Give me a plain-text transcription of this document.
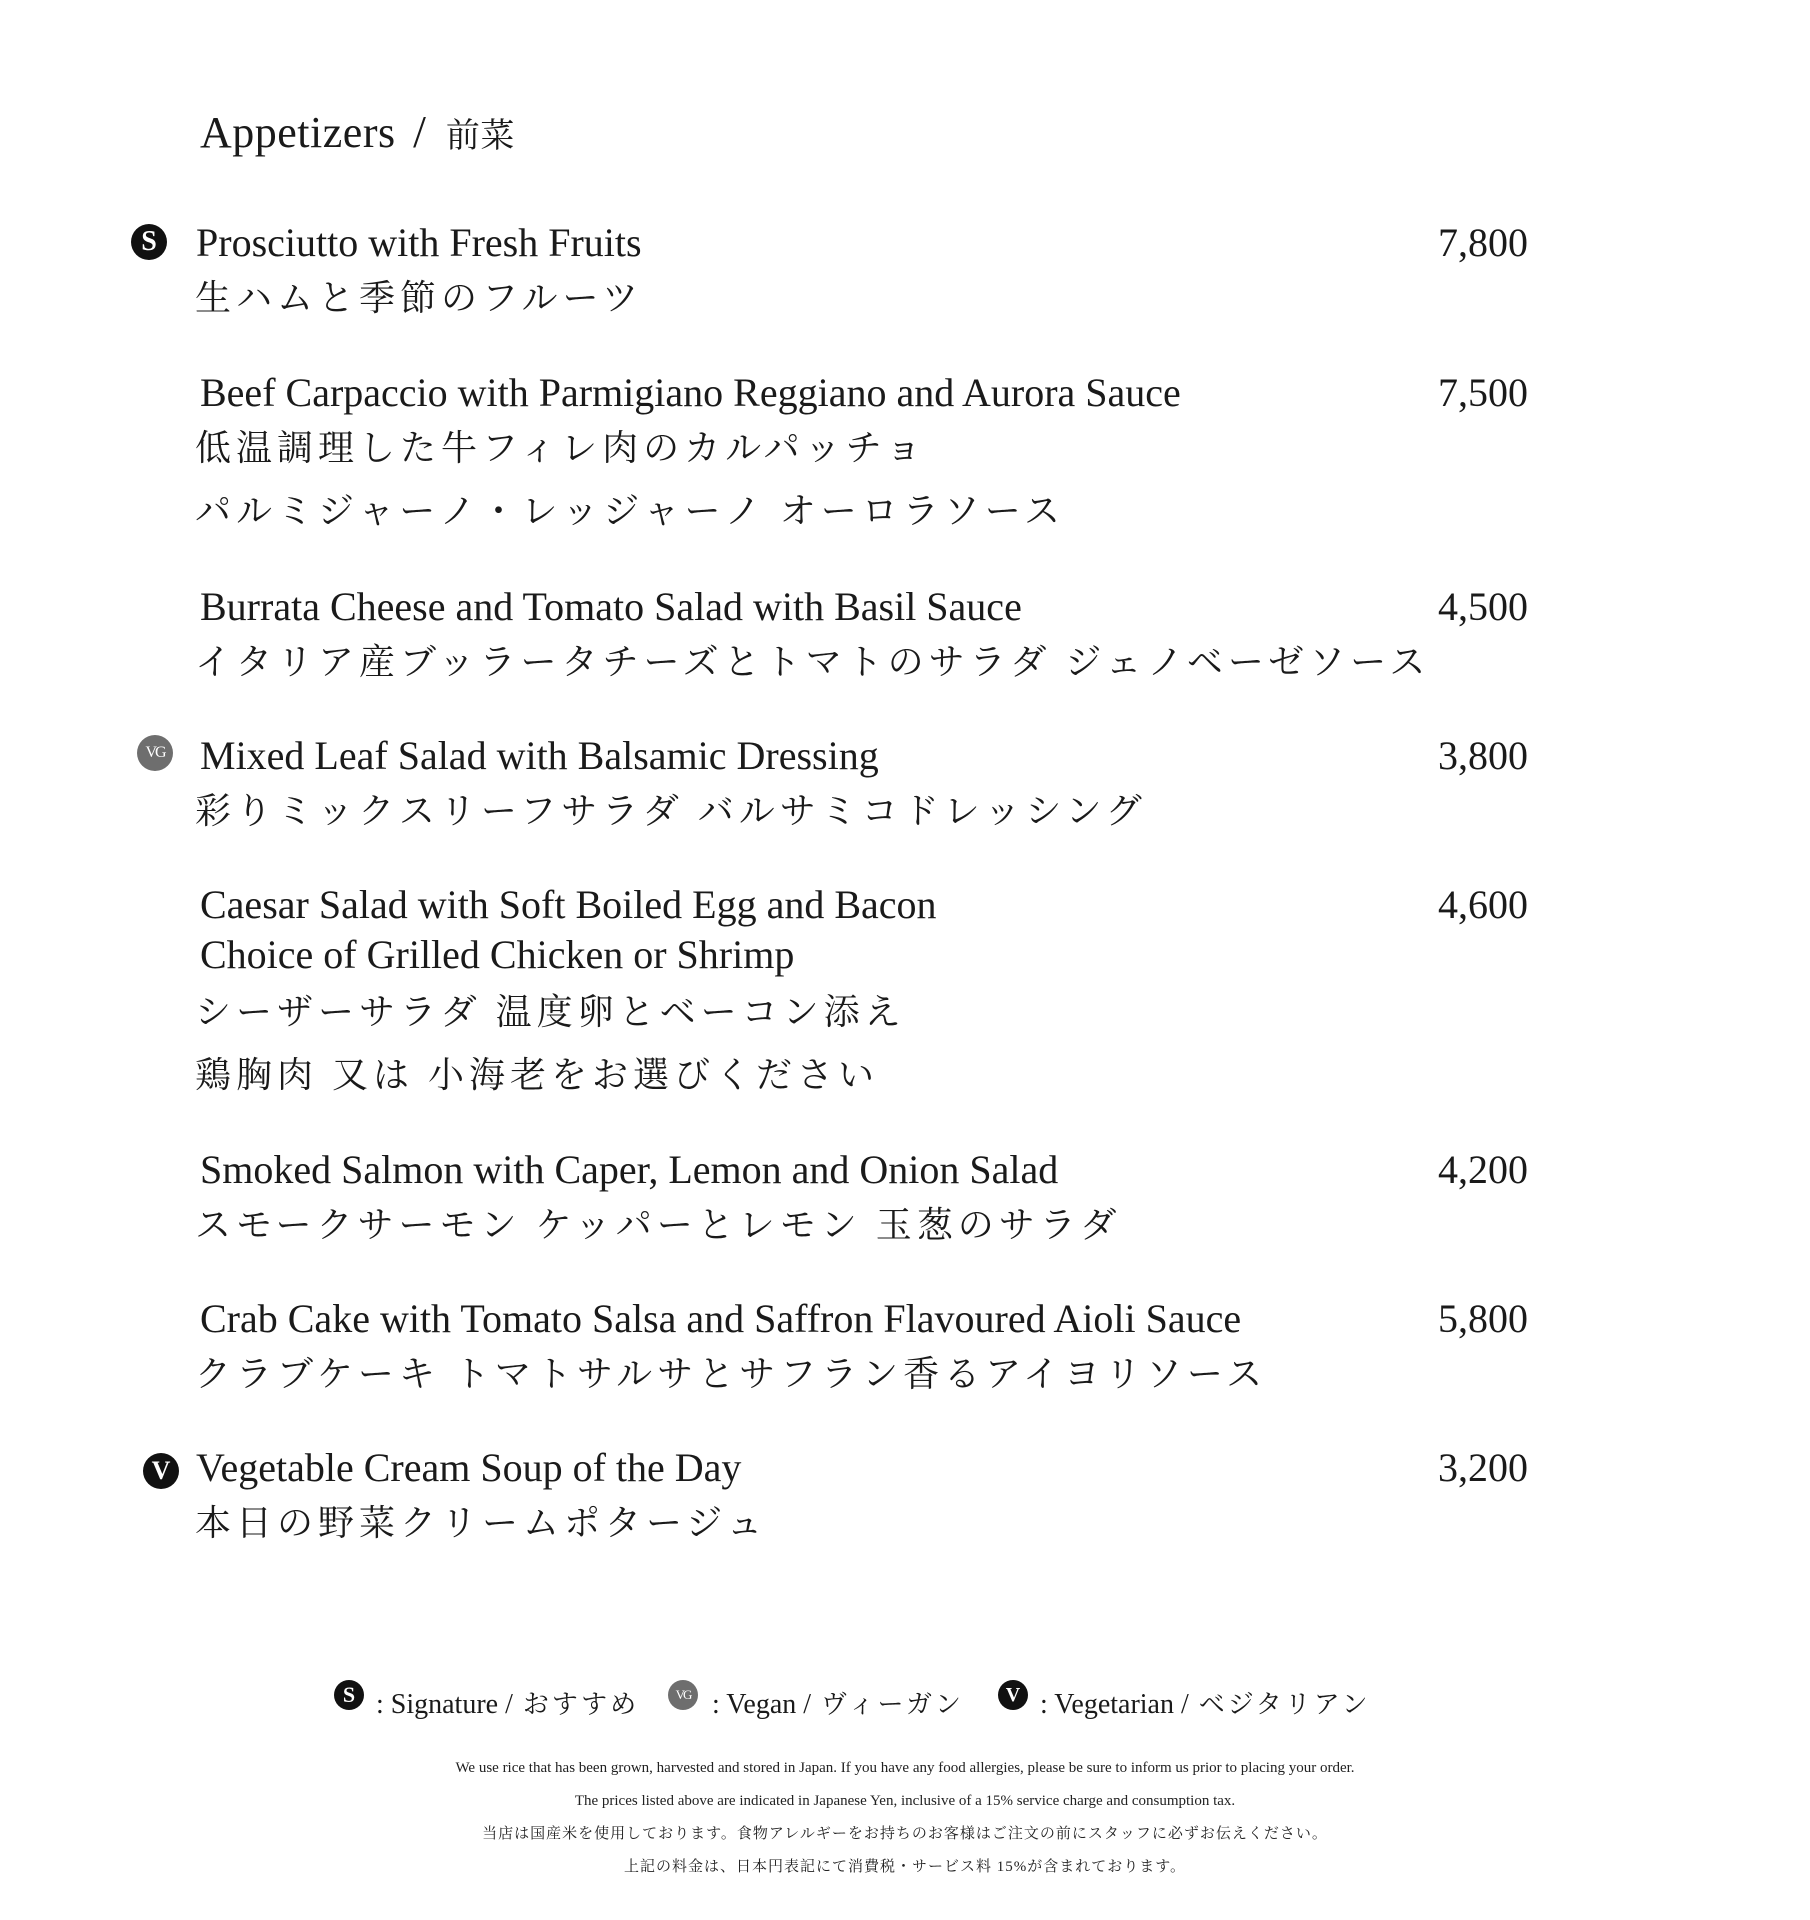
Appetizers / 前菜
S Prosciutto with Fresh Fruits
生ハムと季節のフルーツ
7,800
Beef Carpaccio with Parmigiano Reggiano and Aurora Sauce
低温調理した牛フィレ肉のカルパッチョ
パルミジャーノ・レッジャーノ オーロラソース
7,500
Burrata Cheese and Tomato Salad with Basil Sauce
イタリア産ブッラータチーズとトマトのサラダ ジェノベーゼソース
4,500
VG Mixed Leaf Salad with Balsamic Dressing
彩りミックスリーフサラダ バルサミコドレッシング
3,800
Caesar Salad with Soft Boiled Egg and Bacon
Choice of Grilled Chicken or Shrimp
シーザーサラダ 温度卵とベーコン添え
鶏胸肉 又は 小海老をお選びください
4,600
Smoked Salmon with Caper, Lemon and Onion Salad
スモークサーモン ケッパーとレモン 玉葱のサラダ
4,200
Crab Cake with Tomato Salsa and Saffron Flavoured Aioli Sauce
クラブケーキ トマトサルサとサフラン香るアイヨリソース
5,800
V Vegetable Cream Soup of the Day
本日の野菜クリームポタージュ
3,200
S : Signature / おすすめ	VG : Vegan / ヴィーガン	V : Vegetarian / ベジタリアン
We use rice that has been grown, harvested and stored in Japan. If you have any food allergies, please be sure to inform us prior to placing your order.
The prices listed above are indicated in Japanese Yen, inclusive of a 15% service charge and consumption tax.
当店は国産米を使用しております。食物アレルギーをお持ちのお客様はご注文の前にスタッフに必ずお伝えください。
上記の料金は、日本円表記にて消費税・サービス料 15%が含まれております。
